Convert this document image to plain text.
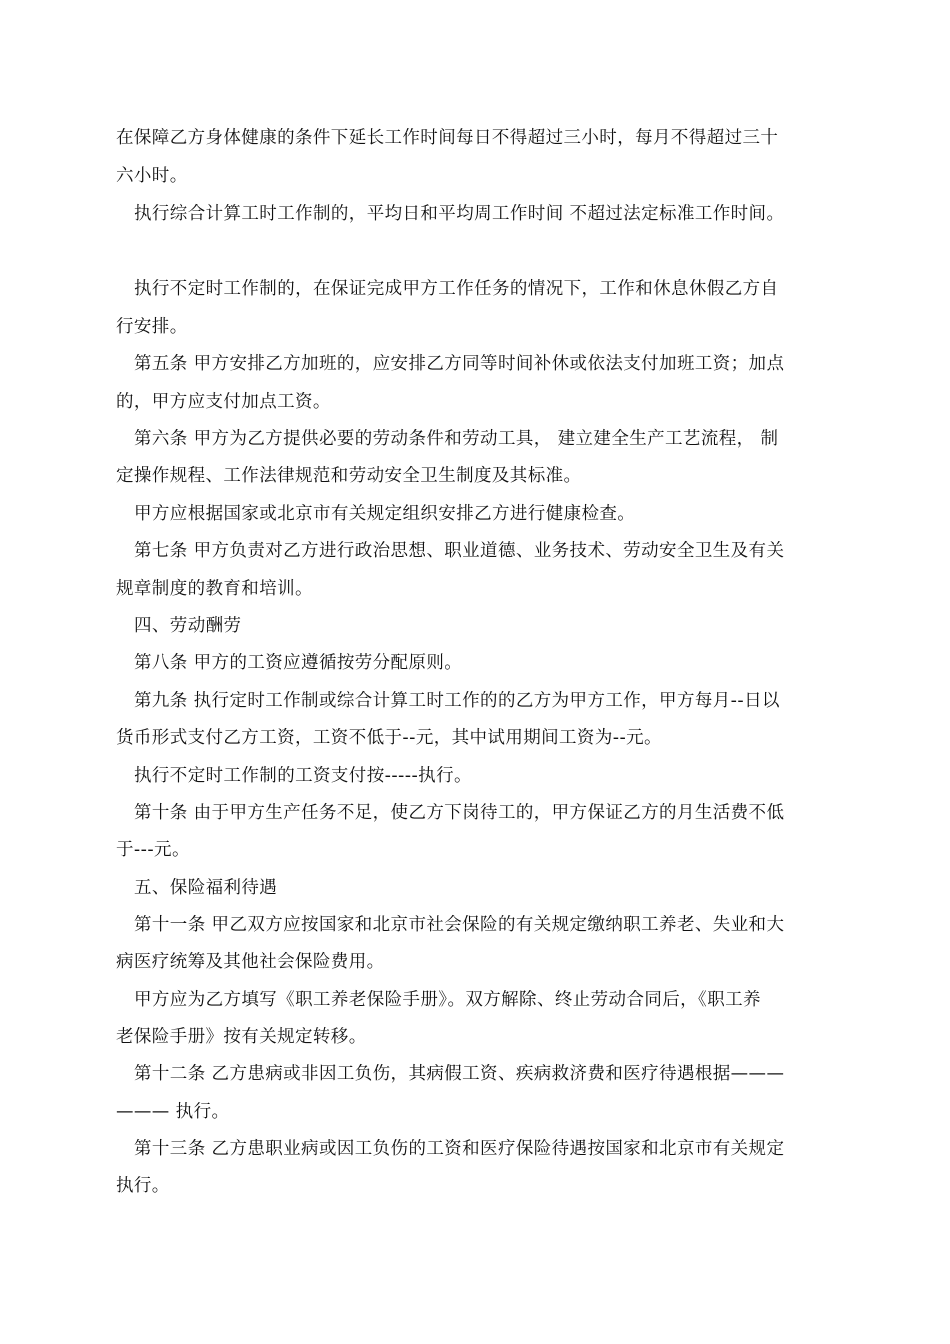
在保障乙方身体健康的条件下延长工作时间每日不得超过三小时，每月不得超过三十
六小时。
执行综合计算工时工作制的，平均日和平均周工作时间 不超过法定标准工作时间。
执行不定时工作制的，在保证完成甲方工作任务的情况下，工作和休息休假乙方自
行安排。
第五条 甲方安排乙方加班的，应安排乙方同等时间补休或依法支付加班工资；加点
的，甲方应支付加点工资。
第六条 甲方为乙方提供必要的劳动条件和劳动工具， 建立建全生产工艺流程， 制
定操作规程、工作法律规范和劳动安全卫生制度及其标准。
甲方应根据国家或北京市有关规定组织安排乙方进行健康检查。
第七条 甲方负责对乙方进行政治思想、职业道德、业务技术、劳动安全卫生及有关
规章制度的教育和培训。
四、劳动酬劳
第八条 甲方的工资应遵循按劳分配原则。
第九条 执行定时工作制或综合计算工时工作的的乙方为甲方工作，甲方每月--日以
货币形式支付乙方工资，工资不低于--元，其中试用期间工资为--元。
执行不定时工作制的工资支付按-----执行。
第十条 由于甲方生产任务不足，使乙方下岗待工的，甲方保证乙方的月生活费不低
于---元。
五、保险福利待遇
第十一条 甲乙双方应按国家和北京市社会保险的有关规定缴纳职工养老、失业和大
病医疗统筹及其他社会保险费用。
甲方应为乙方填写《职工养老保险手册》。双方解除、终止劳动合同后，《职工养
老保险手册》按有关规定转移。
第十二条 乙方患病或非因工负伤，其病假工资、疾病救济费和医疗待遇根据———
——— 执行。
第十三条 乙方患职业病或因工负伤的工资和医疗保险待遇按国家和北京市有关规定
执行。
